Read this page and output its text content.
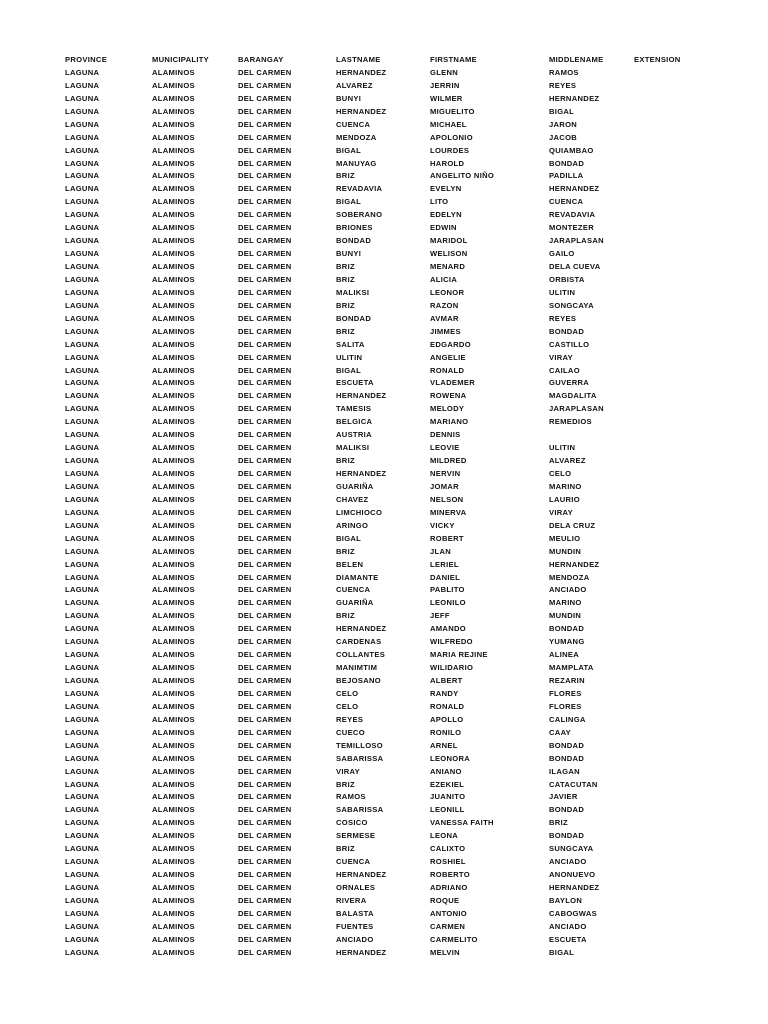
PROVINCE	MUNICIPALITY	BARANGAY	LASTNAME	FIRSTNAME	MIDDLENAME	EXTENSION
LAGUNA	ALAMINOS	DEL CARMEN	HERNANDEZ	GLENN	RAMOS
LAGUNA	ALAMINOS	DEL CARMEN	ALVAREZ	JERRIN	REYES
LAGUNA	ALAMINOS	DEL CARMEN	BUNYI	WILMER	HERNANDEZ
LAGUNA	ALAMINOS	DEL CARMEN	HERNANDEZ	MIGUELITO	BIGAL
LAGUNA	ALAMINOS	DEL CARMEN	CUENCA	MICHAEL	JARON
LAGUNA	ALAMINOS	DEL CARMEN	MENDOZA	APOLONIO	JACOB
LAGUNA	ALAMINOS	DEL CARMEN	BIGAL	LOURDES	QUIAMBAO
LAGUNA	ALAMINOS	DEL CARMEN	MANUYAG	HAROLD	BONDAD
LAGUNA	ALAMINOS	DEL CARMEN	BRIZ	ANGELITO NIÑO	PADILLA
LAGUNA	ALAMINOS	DEL CARMEN	REVADAVIA	EVELYN	HERNANDEZ
LAGUNA	ALAMINOS	DEL CARMEN	BIGAL	LITO	CUENCA
LAGUNA	ALAMINOS	DEL CARMEN	SOBERANO	EDELYN	REVADAVIA
LAGUNA	ALAMINOS	DEL CARMEN	BRIONES	EDWIN	MONTEZER
LAGUNA	ALAMINOS	DEL CARMEN	BONDAD	MARIDOL	JARAPLASAN
LAGUNA	ALAMINOS	DEL CARMEN	BUNYI	WELISON	GAILO
LAGUNA	ALAMINOS	DEL CARMEN	BRIZ	MENARD	DELA CUEVA
LAGUNA	ALAMINOS	DEL CARMEN	BRIZ	ALICIA	ORBISTA
LAGUNA	ALAMINOS	DEL CARMEN	MALIKSI	LEONOR	ULITIN
LAGUNA	ALAMINOS	DEL CARMEN	BRIZ	RAZON	SONGCAYA
LAGUNA	ALAMINOS	DEL CARMEN	BONDAD	AVMAR	REYES
LAGUNA	ALAMINOS	DEL CARMEN	BRIZ	JIMMES	BONDAD
LAGUNA	ALAMINOS	DEL CARMEN	SALITA	EDGARDO	CASTILLO
LAGUNA	ALAMINOS	DEL CARMEN	ULITIN	ANGELIE	VIRAY
LAGUNA	ALAMINOS	DEL CARMEN	BIGAL	RONALD	CAILAO
LAGUNA	ALAMINOS	DEL CARMEN	ESCUETA	VLADEMER	GUVERRA
LAGUNA	ALAMINOS	DEL CARMEN	HERNANDEZ	ROWENA	MAGDALITA
LAGUNA	ALAMINOS	DEL CARMEN	TAMESIS	MELODY	JARAPLASAN
LAGUNA	ALAMINOS	DEL CARMEN	BELGICA	MARIANO	REMEDIOS
LAGUNA	ALAMINOS	DEL CARMEN	AUSTRIA	DENNIS
LAGUNA	ALAMINOS	DEL CARMEN	MALIKSI	LEOVIE	ULITIN
LAGUNA	ALAMINOS	DEL CARMEN	BRIZ	MILDRED	ALVAREZ
LAGUNA	ALAMINOS	DEL CARMEN	HERNANDEZ	NERVIN	CELO
LAGUNA	ALAMINOS	DEL CARMEN	GUARIÑA	JOMAR	MARINO
LAGUNA	ALAMINOS	DEL CARMEN	CHAVEZ	NELSON	LAURIO
LAGUNA	ALAMINOS	DEL CARMEN	LIMCHIOCO	MINERVA	VIRAY
LAGUNA	ALAMINOS	DEL CARMEN	ARINGO	VICKY	DELA CRUZ
LAGUNA	ALAMINOS	DEL CARMEN	BIGAL	ROBERT	MEULIO
LAGUNA	ALAMINOS	DEL CARMEN	BRIZ	JLAN	MUNDIN
LAGUNA	ALAMINOS	DEL CARMEN	BELEN	LERIEL	HERNANDEZ
LAGUNA	ALAMINOS	DEL CARMEN	DIAMANTE	DANIEL	MENDOZA
LAGUNA	ALAMINOS	DEL CARMEN	CUENCA	PABLITO	ANCIADO
LAGUNA	ALAMINOS	DEL CARMEN	GUARIÑA	LEONILO	MARINO
LAGUNA	ALAMINOS	DEL CARMEN	BRIZ	JEFF	MUNDIN
LAGUNA	ALAMINOS	DEL CARMEN	HERNANDEZ	AMANDO	BONDAD
LAGUNA	ALAMINOS	DEL CARMEN	CARDENAS	WILFREDO	YUMANG
LAGUNA	ALAMINOS	DEL CARMEN	COLLANTES	MARIA REJINE	ALINEA
LAGUNA	ALAMINOS	DEL CARMEN	MANIMTIM	WILIDARIO	MAMPLATA
LAGUNA	ALAMINOS	DEL CARMEN	BEJOSANO	ALBERT	REZARIN
LAGUNA	ALAMINOS	DEL CARMEN	CELO	RANDY	FLORES
LAGUNA	ALAMINOS	DEL CARMEN	CELO	RONALD	FLORES
LAGUNA	ALAMINOS	DEL CARMEN	REYES	APOLLO	CALINGA
LAGUNA	ALAMINOS	DEL CARMEN	CUECO	RONILO	CAAY
LAGUNA	ALAMINOS	DEL CARMEN	TEMILLOSO	ARNEL	BONDAD
LAGUNA	ALAMINOS	DEL CARMEN	SABARISSA	LEONORA	BONDAD
LAGUNA	ALAMINOS	DEL CARMEN	VIRAY	ANIANO	ILAGAN
LAGUNA	ALAMINOS	DEL CARMEN	BRIZ	EZEKIEL	CATACUTAN
LAGUNA	ALAMINOS	DEL CARMEN	RAMOS	JUANITO	JAVIER
LAGUNA	ALAMINOS	DEL CARMEN	SABARISSA	LEONILL	BONDAD
LAGUNA	ALAMINOS	DEL CARMEN	COSICO	VANESSA FAITH	BRIZ
LAGUNA	ALAMINOS	DEL CARMEN	SERMESE	LEONA	BONDAD
LAGUNA	ALAMINOS	DEL CARMEN	BRIZ	CALIXTO	SUNGCAYA
LAGUNA	ALAMINOS	DEL CARMEN	CUENCA	ROSHIEL	ANCIADO
LAGUNA	ALAMINOS	DEL CARMEN	HERNANDEZ	ROBERTO	ANONUEVO
LAGUNA	ALAMINOS	DEL CARMEN	ORNALES	ADRIANO	HERNANDEZ
LAGUNA	ALAMINOS	DEL CARMEN	RIVERA	ROQUE	BAYLON
LAGUNA	ALAMINOS	DEL CARMEN	BALASTA	ANTONIO	CABOGWAS
LAGUNA	ALAMINOS	DEL CARMEN	FUENTES	CARMEN	ANCIADO
LAGUNA	ALAMINOS	DEL CARMEN	ANCIADO	CARMELITO	ESCUETA
LAGUNA	ALAMINOS	DEL CARMEN	HERNANDEZ	MELVIN	BIGAL
